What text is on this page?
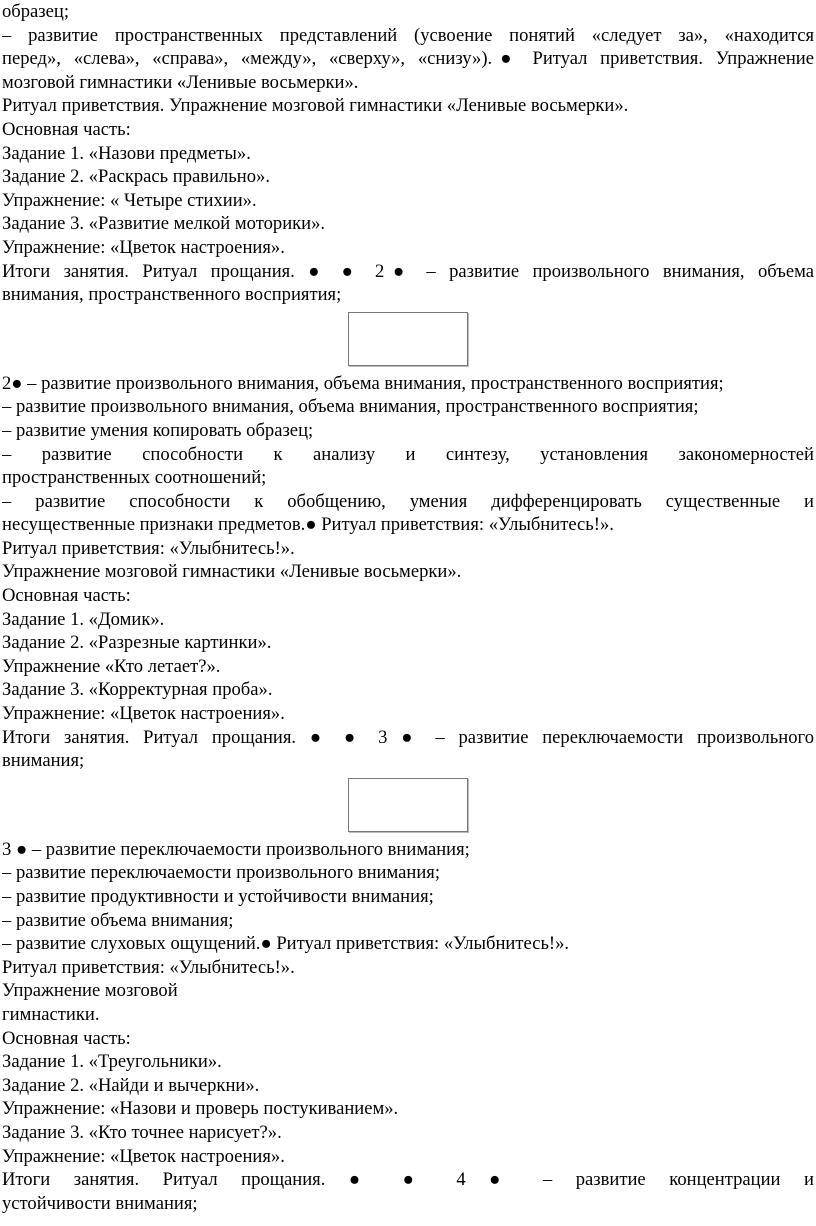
образец;
– развитие пространственных представлений (усвоение понятий «следует за», «находится
перед», «слева», «справа», «между», «сверху», «снизу»).● Ритуал приветствия. Упражнение
мозговой гимнастики «Ленивые восьмерки».
Ритуал приветствия. Упражнение мозговой гимнастики «Ленивые восьмерки».
Основная часть:
Задание 1. «Назови предметы».
Задание 2. «Раскрась правильно».
Упражнение: « Четыре стихии».
Задание 3. «Развитие мелкой моторики».
Упражнение: «Цветок настроения».
Итоги занятия. Ритуал прощания. ● ● 2● – развитие произвольного внимания, объема
внимания, пространственного восприятия;
2● – развитие произвольного внимания, объема внимания, пространственного восприятия;
– развитие произвольного внимания, объема внимания, пространственного восприятия;
– развитие умения копировать образец;
– развитие способности к анализу и синтезу, установления закономерностей
пространственных соотношений;
– развитие способности к обобщению, умения дифференцировать существенные и
несущественные признаки предметов.● Ритуал приветствия: «Улыбнитесь!».
Ритуал приветствия: «Улыбнитесь!».
Упражнение мозговой гимнастики «Ленивые восьмерки».
Основная часть:
Задание 1. «Домик».
Задание 2. «Разрезные картинки».
Упражнение «Кто летает?».
Задание 3. «Корректурная проба».
Упражнение: «Цветок настроения».
Итоги занятия. Ритуал прощания. ● ● 3 ● – развитие переключаемости произвольного
внимания;
3 ● – развитие переключаемости произвольного внимания;
– развитие переключаемости произвольного внимания;
– развитие продуктивности и устойчивости внимания;
– развитие объема внимания;
– развитие слуховых ощущений.● Ритуал приветствия: «Улыбнитесь!».
Ритуал приветствия: «Улыбнитесь!».
Упражнение мозговой
гимнастики.
Основная часть:
Задание 1. «Треугольники».
Задание 2. «Найди и вычеркни».
Упражнение: «Назови и проверь постукиванием».
Задание 3. «Кто точнее нарисует?».
Упражнение: «Цветок настроения».
Итоги занятия. Ритуал прощания. ● ● 4 ● – развитие концентрации и
устойчивости внимания;
